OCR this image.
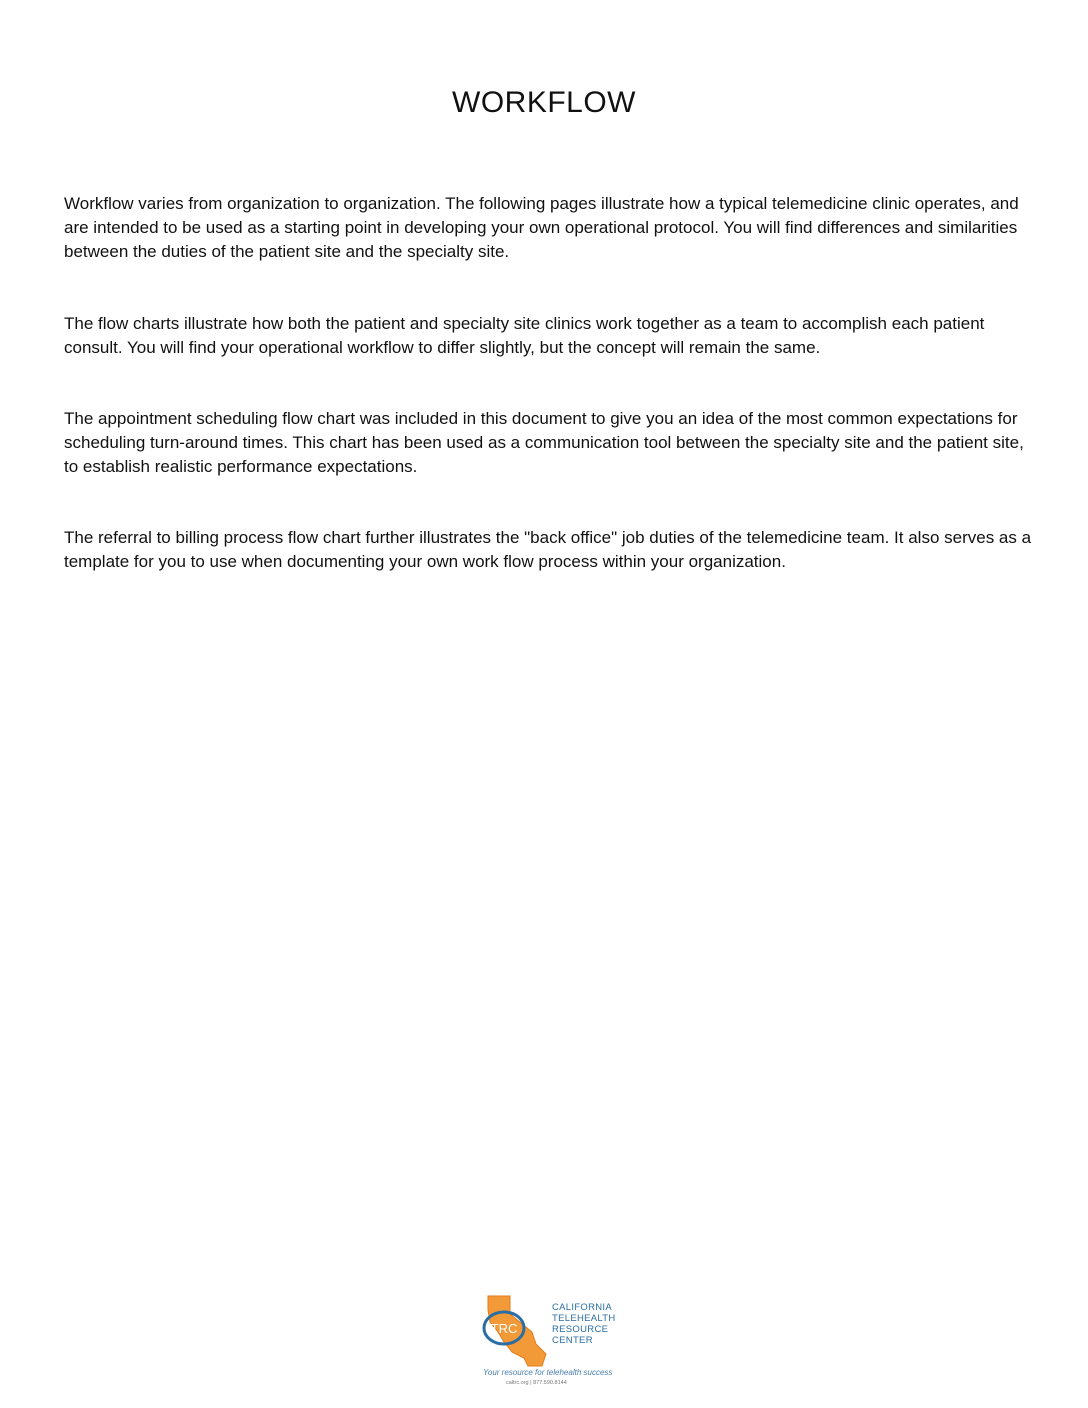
WORKFLOW

Workflow varies from organization to organization. The following pages illustrate how a typical telemedicine clinic operates, and are intended to be used as a starting point in developing your own operational protocol. You will find differences and similarities between the duties of the patient site and the specialty site.

The flow charts illustrate how both the patient and specialty site clinics work together as a team to accomplish each patient consult. You will find your operational workflow to differ slightly, but the concept will remain the same.

The appointment scheduling flow chart was included in this document to give you an idea of the most common expectations for scheduling turn-around times. This chart has been used as a communication tool between the specialty site and the patient site, to establish realistic performance expectations.

The referral to billing process flow chart further illustrates the "back office" job duties of the telemedicine team. It also serves as a template for you to use when documenting your own work flow process within your organization.

TRC
CALIFORNIA
TELEHEALTH
RESOURCE
CENTER
Your resource for telehealth success
caltrc.org | 877.590.8144
